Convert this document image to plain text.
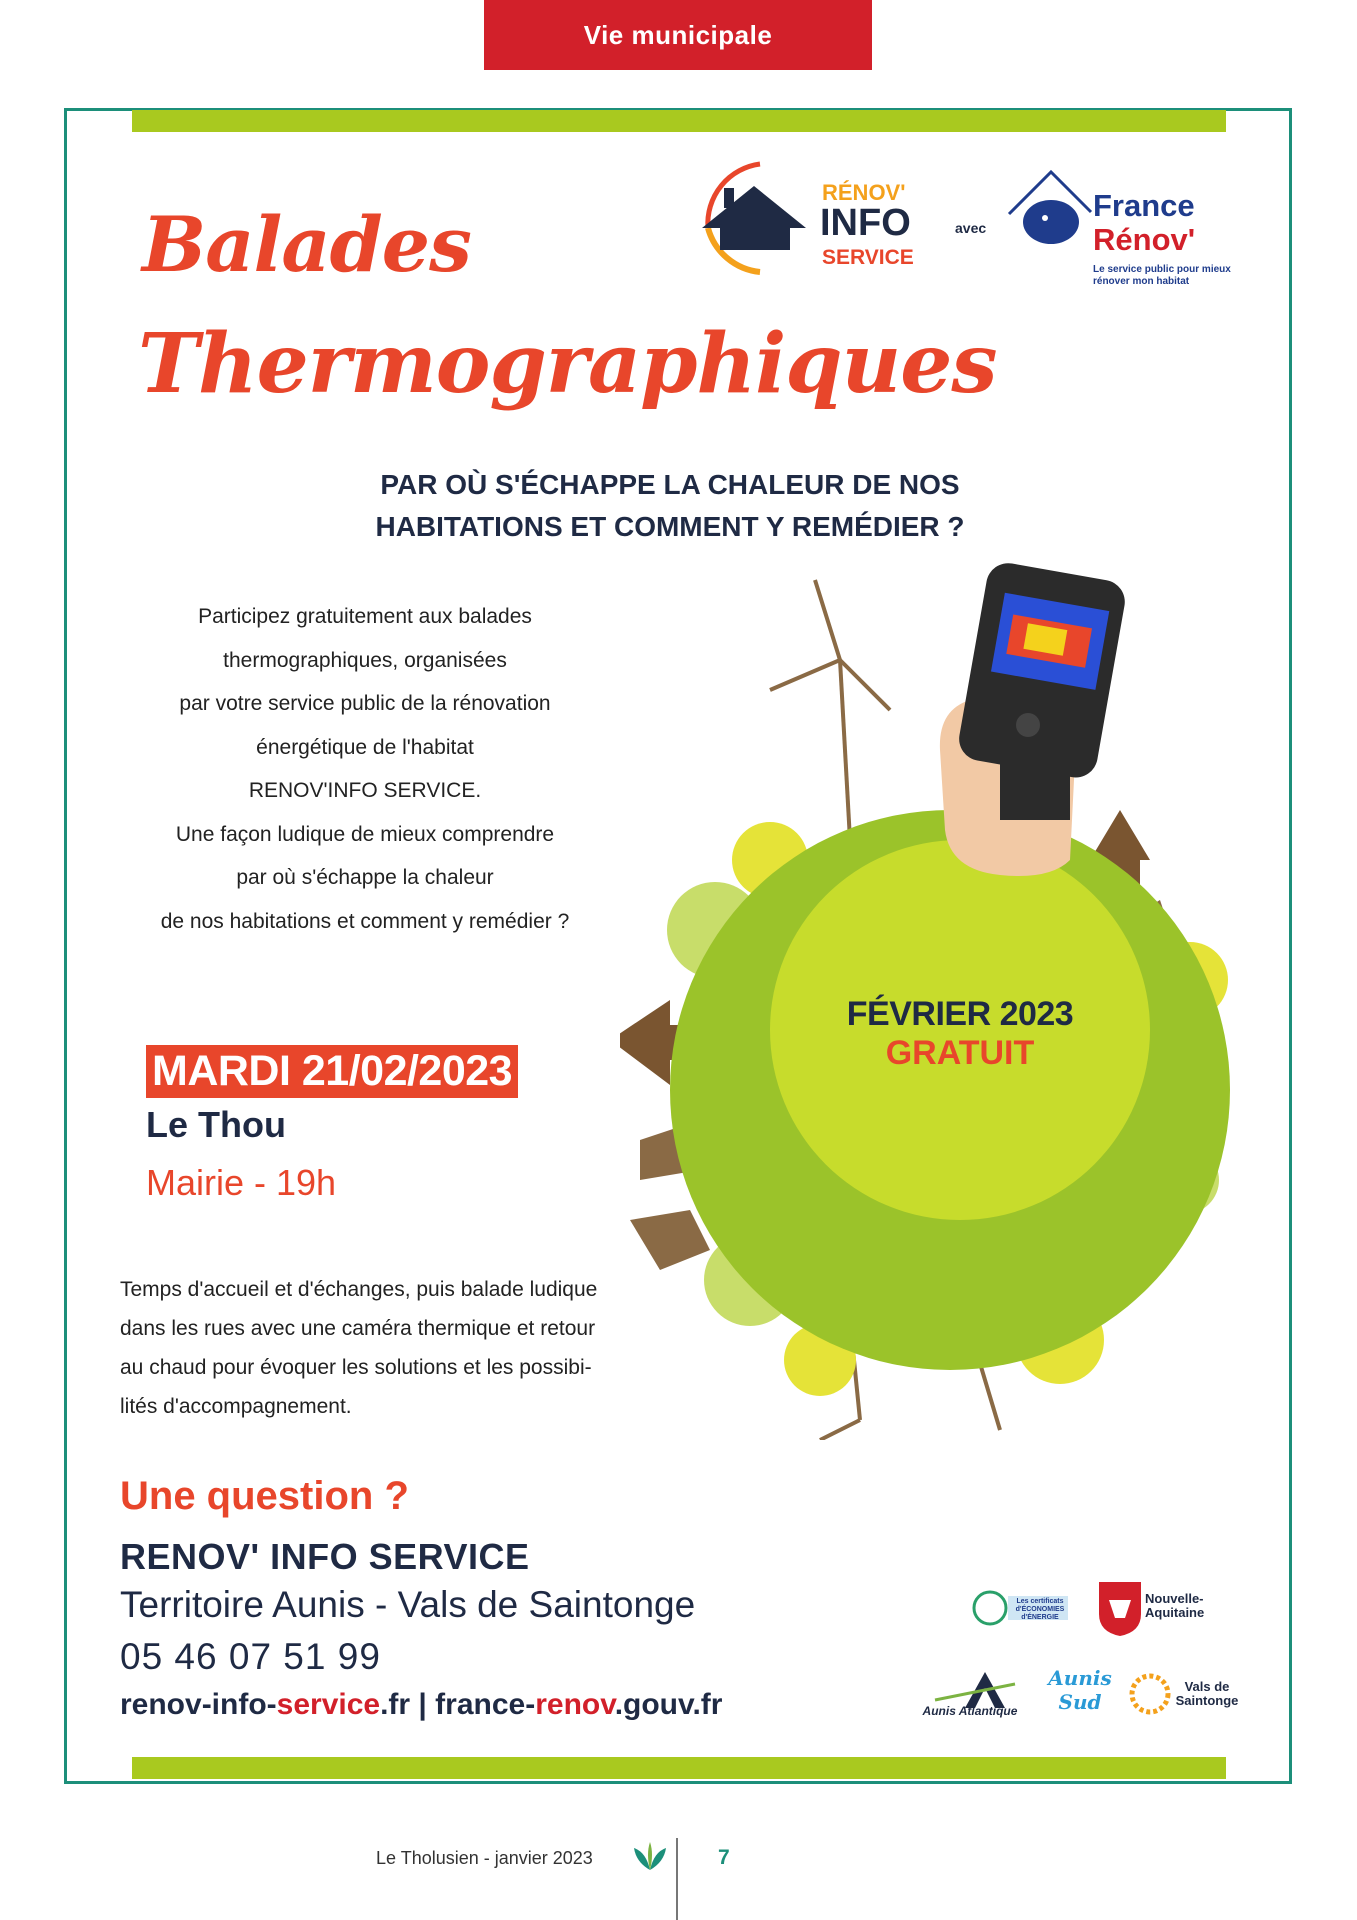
Vie municipale
Balades
Thermographiques
RÉNOV'
INFO
SERVICE
avec
France
Rénov'
Le service public pour mieux rénover mon habitat
PAR OÙ S'ÉCHAPPE LA CHALEUR DE NOS
HABITATIONS ET COMMENT Y REMÉDIER ?
Participez gratuitement aux balades
thermographiques, organisées
par votre service public de la rénovation
énergétique de l'habitat
RENOV'INFO SERVICE.
Une façon ludique de mieux comprendre
par où s'échappe la chaleur
de nos habitations et comment y remédier ?
FÉVRIER 2023
GRATUIT
MARDI 21/02/2023
Le Thou
Mairie - 19h
Temps d'accueil et d'échanges, puis balade ludique
dans les rues avec une caméra thermique et retour
au chaud pour évoquer les solutions et les possibi-
lités d'accompagnement.
Une question ?
RENOV' INFO SERVICE
Territoire Aunis - Vals de Saintonge
05 46 07 51 99
renov-info-service.fr | france-renov.gouv.fr
Les certificats d'ÉCONOMIES d'ÉNERGIE
Nouvelle-Aquitaine
Aunis Atlantique
Aunis Sud
Vals de Saintonge
Le Tholusien - janvier 2023	7
